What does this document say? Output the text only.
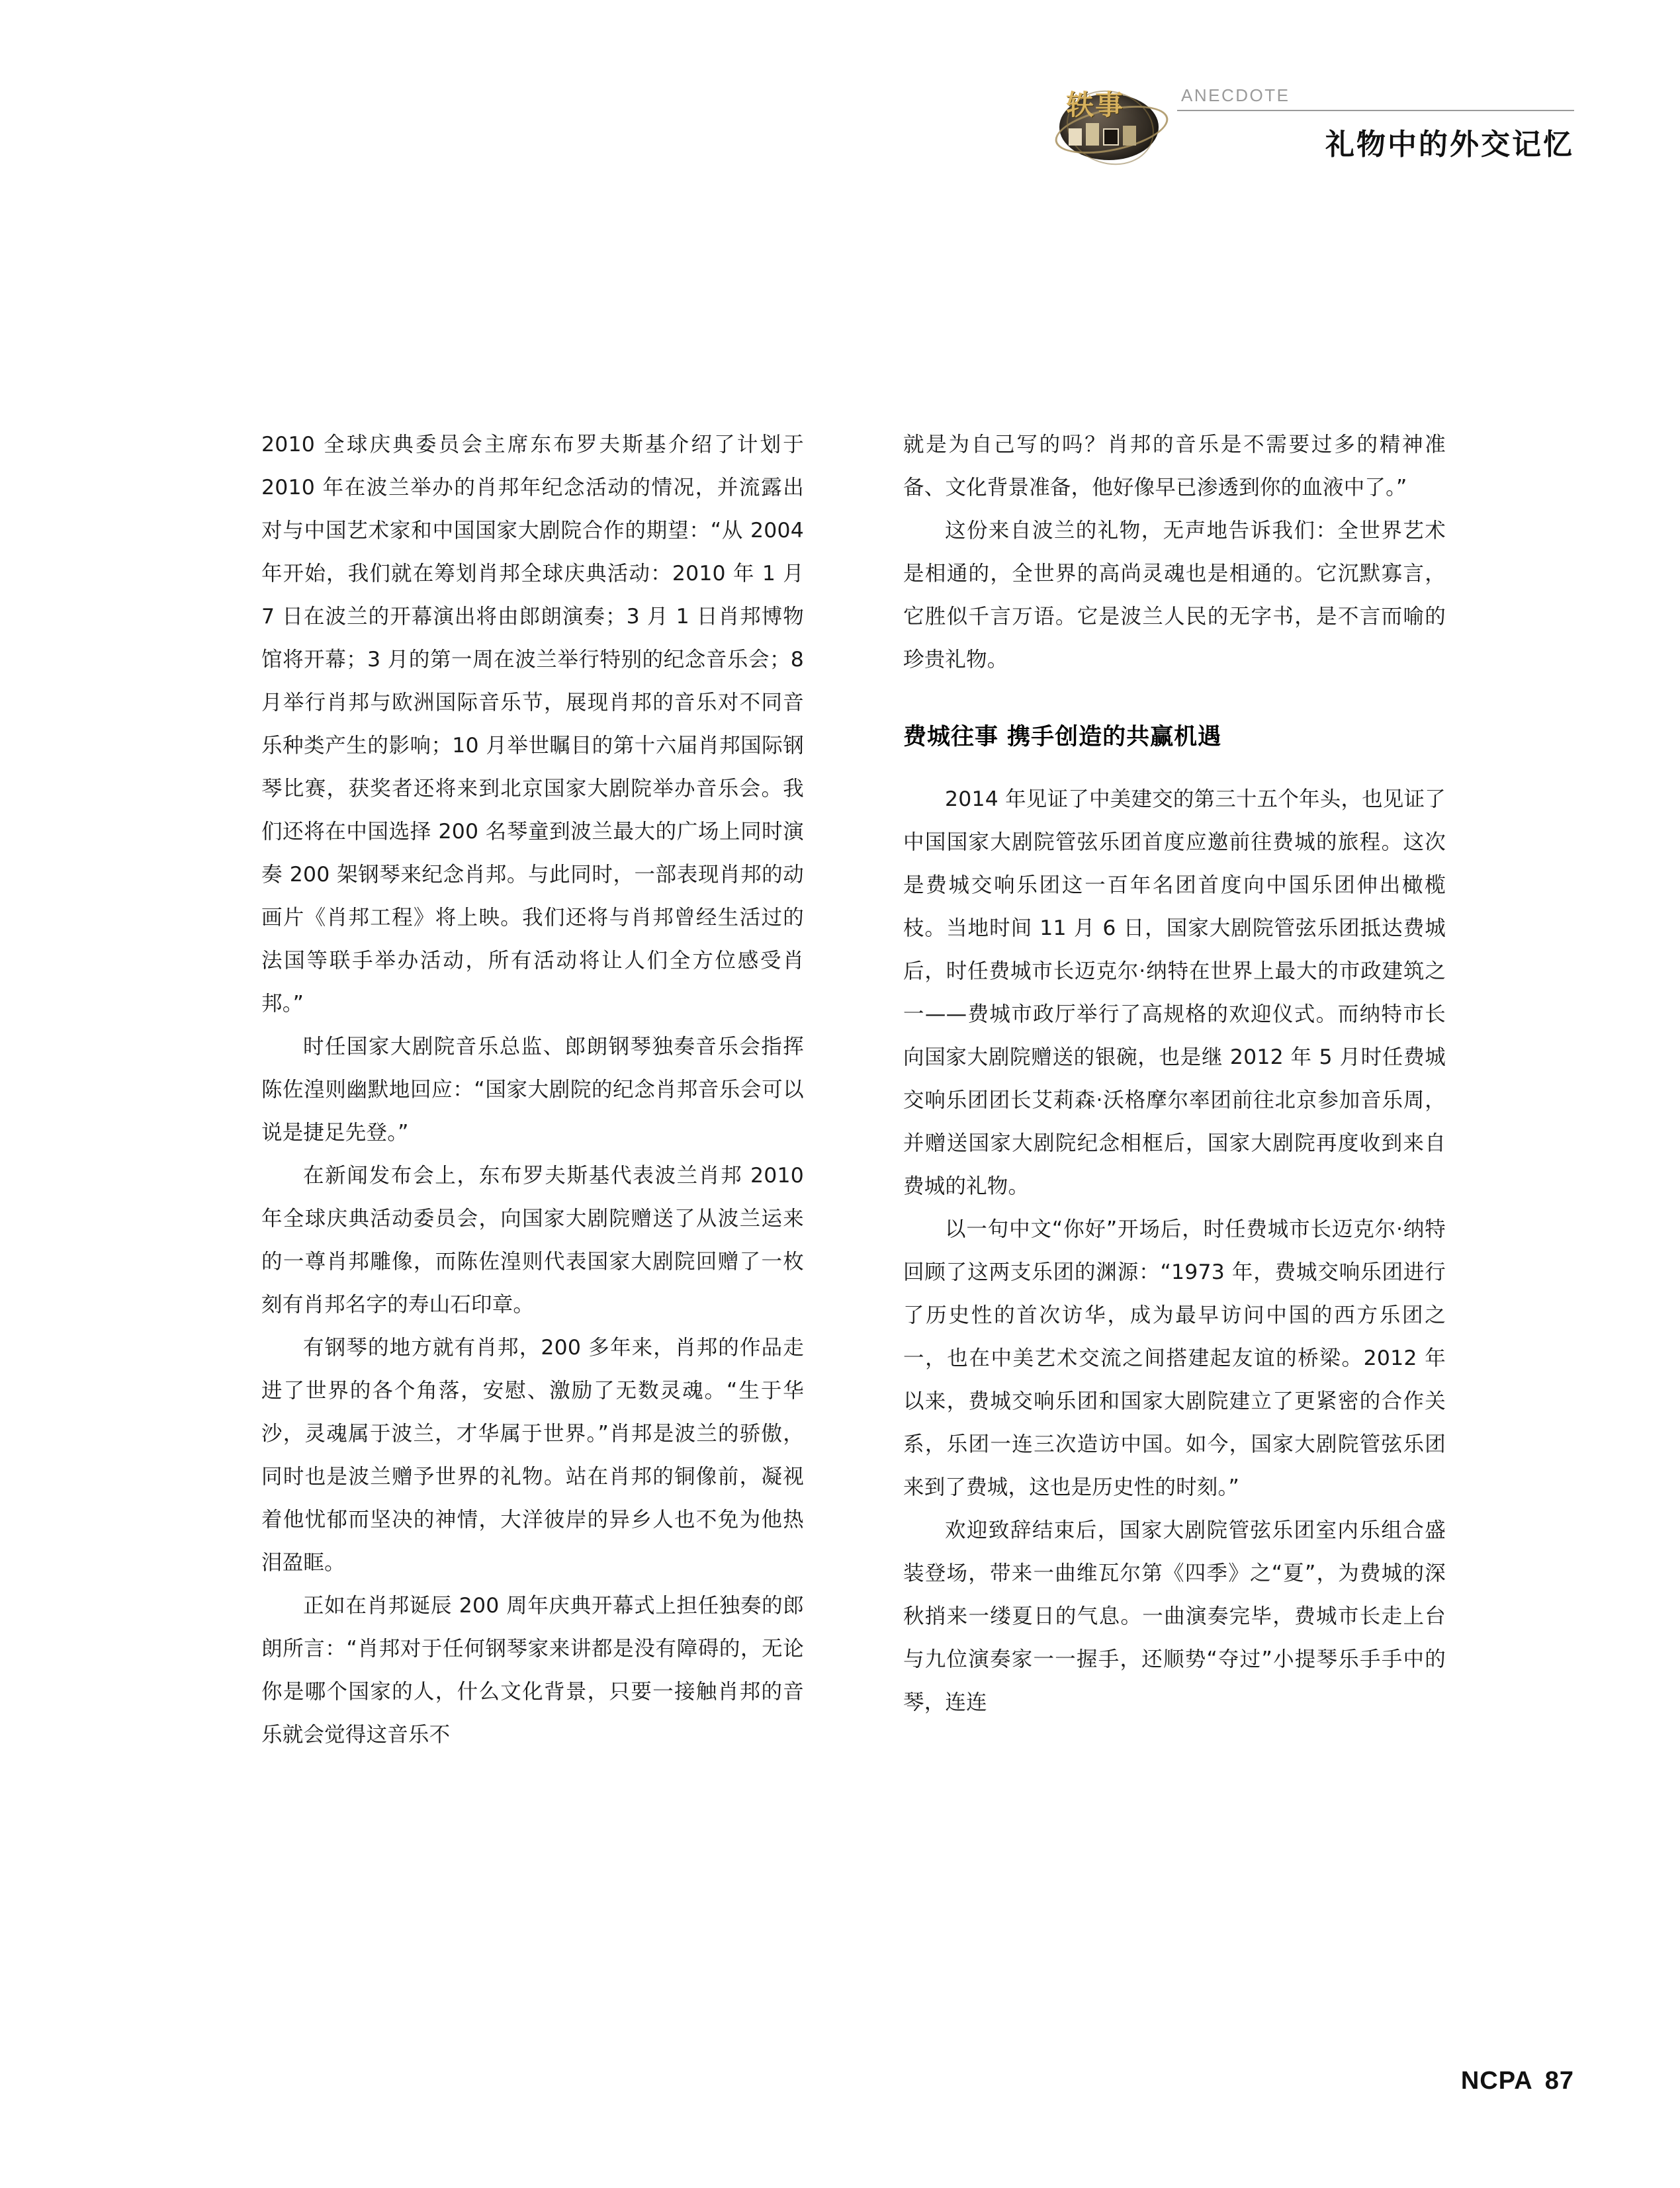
轶事	ANECDOTE
礼物中的外交记忆

2010 全球庆典委员会主席东布罗夫斯基介绍了计划于 2010 年在波兰举办的肖邦年纪念活动的情况，并流露出对与中国艺术家和中国国家大剧院合作的期望：“从 2004 年开始，我们就在筹划肖邦全球庆典活动：2010 年 1 月 7 日在波兰的开幕演出将由郎朗演奏；3 月 1 日肖邦博物馆将开幕；3 月的第一周在波兰举行特别的纪念音乐会；8 月举行肖邦与欧洲国际音乐节，展现肖邦的音乐对不同音乐种类产生的影响；10 月举世瞩目的第十六届肖邦国际钢琴比赛，获奖者还将来到北京国家大剧院举办音乐会。我们还将在中国选择 200 名琴童到波兰最大的广场上同时演奏 200 架钢琴来纪念肖邦。与此同时，一部表现肖邦的动画片《肖邦工程》将上映。我们还将与肖邦曾经生活过的法国等联手举办活动，所有活动将让人们全方位感受肖邦。”

时任国家大剧院音乐总监、郎朗钢琴独奏音乐会指挥陈佐湟则幽默地回应：“国家大剧院的纪念肖邦音乐会可以说是捷足先登。”

在新闻发布会上，东布罗夫斯基代表波兰肖邦 2010 年全球庆典活动委员会，向国家大剧院赠送了从波兰运来的一尊肖邦雕像，而陈佐湟则代表国家大剧院回赠了一枚刻有肖邦名字的寿山石印章。

有钢琴的地方就有肖邦，200 多年来，肖邦的作品走进了世界的各个角落，安慰、激励了无数灵魂。“生于华沙，灵魂属于波兰，才华属于世界。”肖邦是波兰的骄傲，同时也是波兰赠予世界的礼物。站在肖邦的铜像前，凝视着他忧郁而坚决的神情，大洋彼岸的异乡人也不免为他热泪盈眶。

正如在肖邦诞辰 200 周年庆典开幕式上担任独奏的郎朗所言：“肖邦对于任何钢琴家来讲都是没有障碍的，无论你是哪个国家的人，什么文化背景，只要一接触肖邦的音乐就会觉得这音乐不

就是为自己写的吗？肖邦的音乐是不需要过多的精神准备、文化背景准备，他好像早已渗透到你的血液中了。”

这份来自波兰的礼物，无声地告诉我们：全世界艺术是相通的，全世界的高尚灵魂也是相通的。它沉默寡言，它胜似千言万语。它是波兰人民的无字书，是不言而喻的珍贵礼物。

费城往事 携手创造的共赢机遇

2014 年见证了中美建交的第三十五个年头，也见证了中国国家大剧院管弦乐团首度应邀前往费城的旅程。这次是费城交响乐团这一百年名团首度向中国乐团伸出橄榄枝。当地时间 11 月 6 日，国家大剧院管弦乐团抵达费城后，时任费城市长迈克尔·纳特在世界上最大的市政建筑之一——费城市政厅举行了高规格的欢迎仪式。而纳特市长向国家大剧院赠送的银碗，也是继 2012 年 5 月时任费城交响乐团团长艾莉森·沃格摩尔率团前往北京参加音乐周，并赠送国家大剧院纪念相框后，国家大剧院再度收到来自费城的礼物。

以一句中文“你好”开场后，时任费城市长迈克尔·纳特回顾了这两支乐团的渊源：“1973 年，费城交响乐团进行了历史性的首次访华，成为最早访问中国的西方乐团之一，也在中美艺术交流之间搭建起友谊的桥梁。2012 年以来，费城交响乐团和国家大剧院建立了更紧密的合作关系，乐团一连三次造访中国。如今，国家大剧院管弦乐团来到了费城，这也是历史性的时刻。”

欢迎致辞结束后，国家大剧院管弦乐团室内乐组合盛装登场，带来一曲维瓦尔第《四季》之“夏”，为费城的深秋捎来一缕夏日的气息。一曲演奏完毕，费城市长走上台与九位演奏家一一握手，还顺势“夺过”小提琴乐手手中的琴，连连

NCPA 87
